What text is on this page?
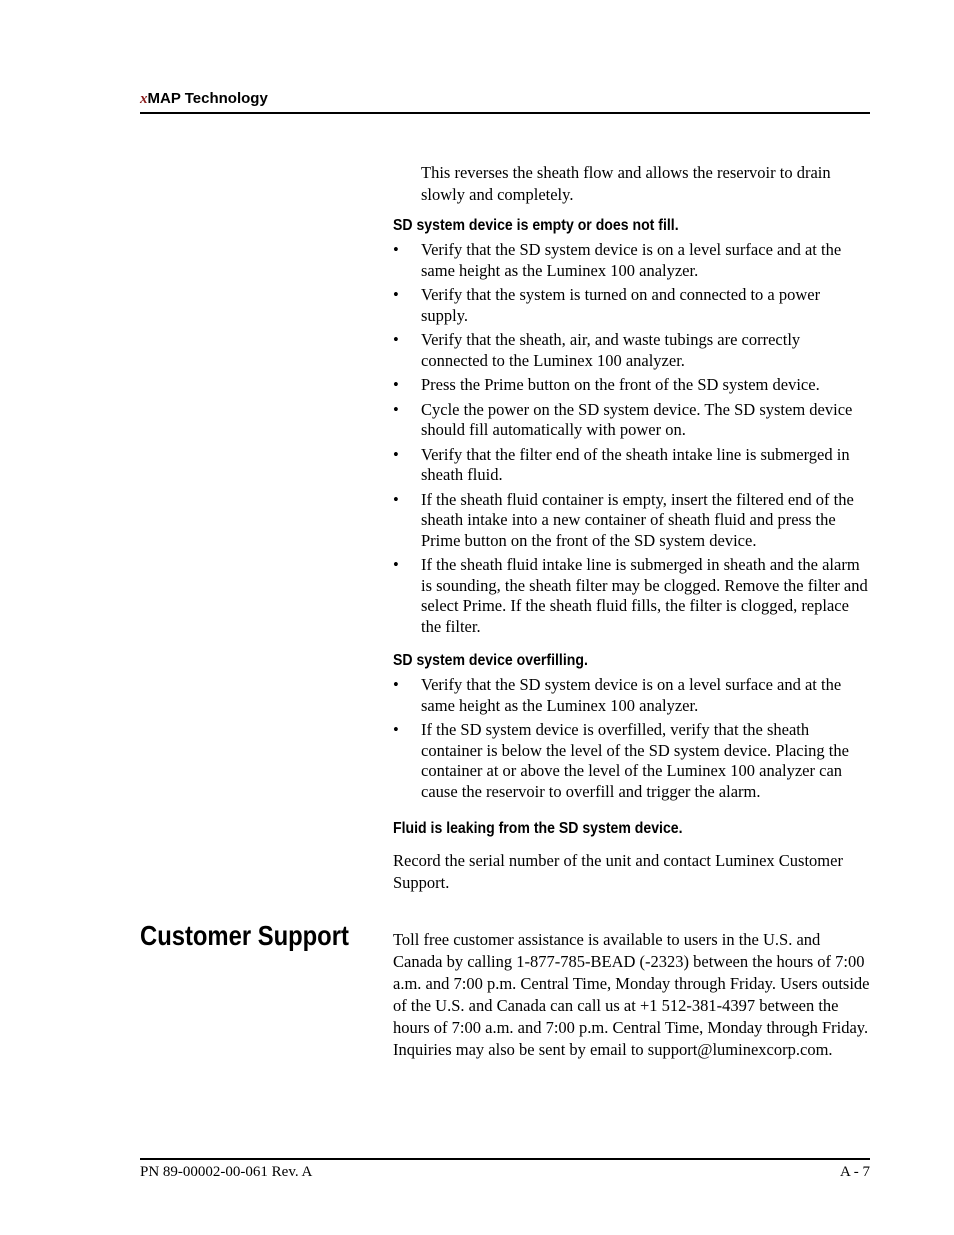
xMAP Technology

This reverses the sheath flow and allows the reservoir to drain slowly and completely.

SD system device is empty or does not fill.
• Verify that the SD system device is on a level surface and at the same height as the Luminex 100 analyzer.
• Verify that the system is turned on and connected to a power supply.
• Verify that the sheath, air, and waste tubings are correctly connected to the Luminex 100 analyzer.
• Press the Prime button on the front of the SD system device.
• Cycle the power on the SD system device. The SD system device should fill automatically with power on.
• Verify that the filter end of the sheath intake line is submerged in sheath fluid.
• If the sheath fluid container is empty, insert the filtered end of the sheath intake into a new container of sheath fluid and press the Prime button on the front of the SD system device.
• If the sheath fluid intake line is submerged in sheath and the alarm is sounding, the sheath filter may be clogged. Remove the filter and select Prime. If the sheath fluid fills, the filter is clogged, replace the filter.
SD system device overfilling.
• Verify that the SD system device is on a level surface and at the same height as the Luminex 100 analyzer.
• If the SD system device is overfilled, verify that the sheath container is below the level of the SD system device. Placing the container at or above the level of the Luminex 100 analyzer can cause the reservoir to overfill and trigger the alarm.
Fluid is leaking from the SD system device.

Record the serial number of the unit and contact Luminex Customer Support.

Customer Support	Toll free customer assistance is available to users in the U.S. and Canada by calling 1-877-785-BEAD (-2323) between the hours of 7:00 a.m. and 7:00 p.m. Central Time, Monday through Friday. Users outside of the U.S. and Canada can call us at +1 512-381-4397 between the hours of 7:00 a.m. and 7:00 p.m. Central Time, Monday through Friday. Inquiries may also be sent by email to support@luminexcorp.com.

PN 89-00002-00-061 Rev. A	A - 7
